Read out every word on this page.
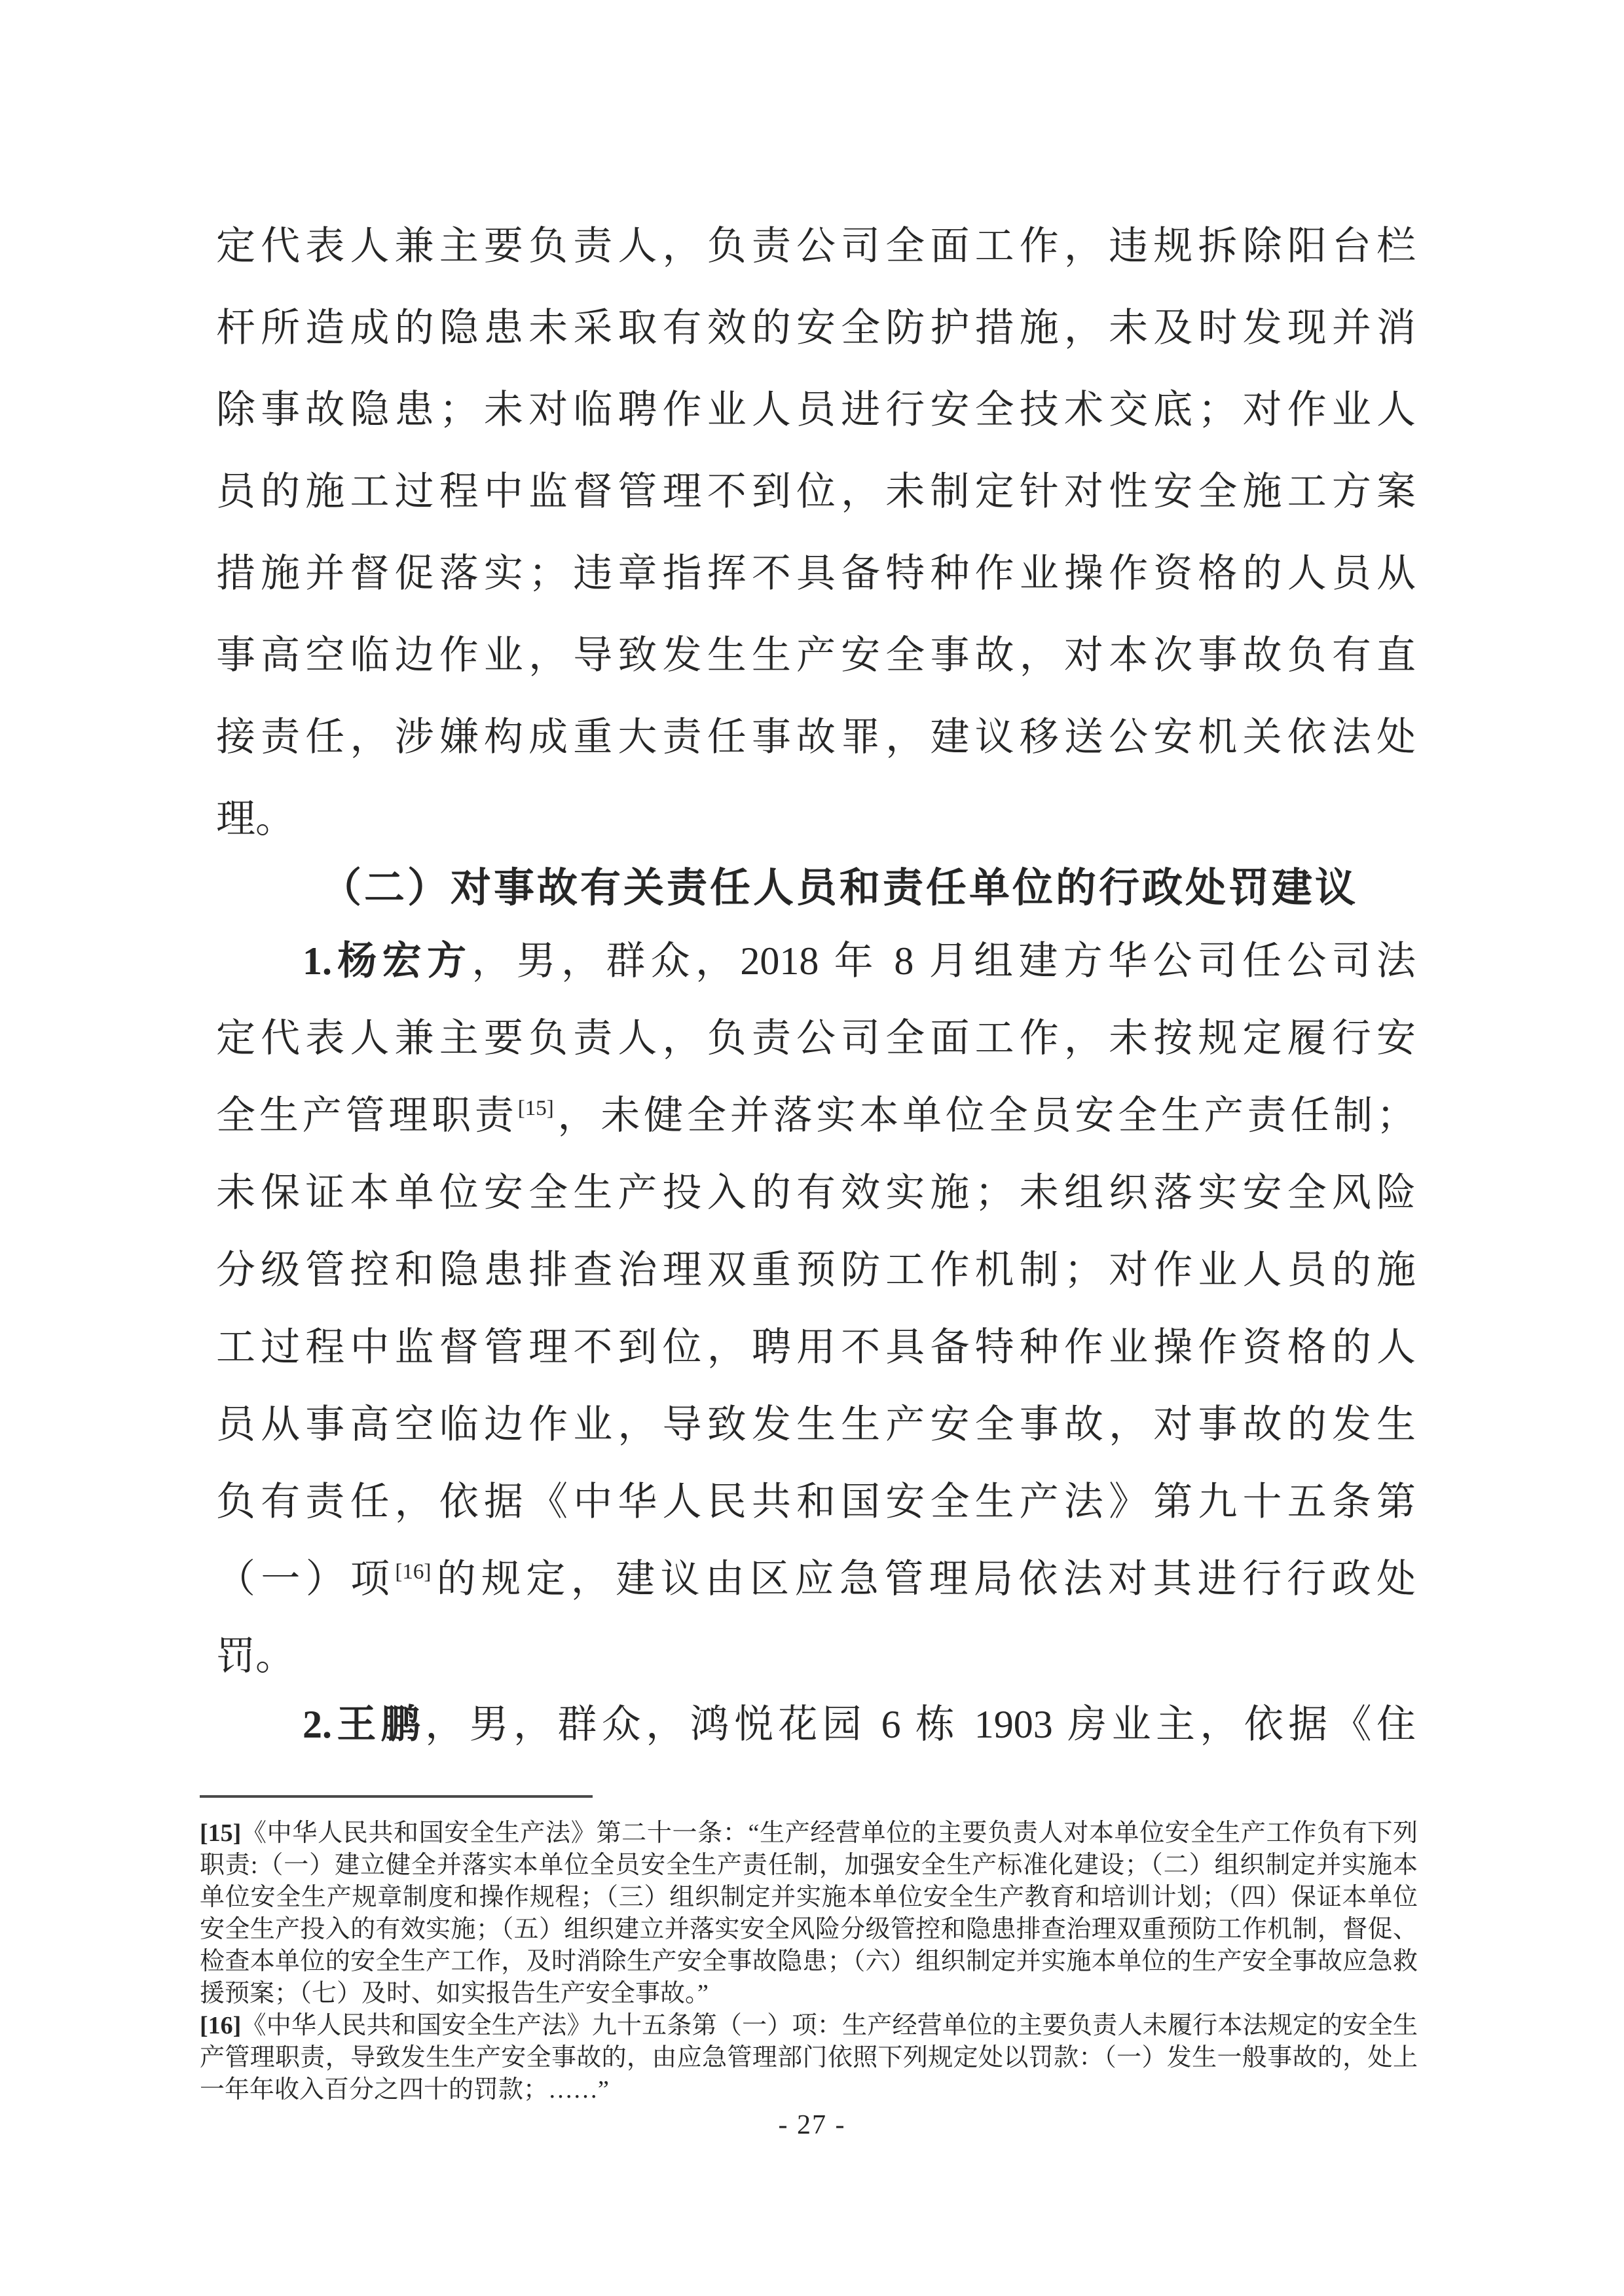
定代表人兼主要负责人，负责公司全面工作，违规拆除阳台栏
杆所造成的隐患未采取有效的安全防护措施，未及时发现并消
除事故隐患；未对临聘作业人员进行安全技术交底；对作业人
员的施工过程中监督管理不到位，未制定针对性安全施工方案
措施并督促落实；违章指挥不具备特种作业操作资格的人员从
事高空临边作业，导致发生生产安全事故，对本次事故负有直
接责任，涉嫌构成重大责任事故罪，建议移送公安机关依法处
理。
（二）对事故有关责任人员和责任单位的行政处罚建议
1.杨宏方，男，群众，2018 年 8 月组建方华公司任公司法
定代表人兼主要负责人，负责公司全面工作，未按规定履行安
全生产管理职责[15]，未健全并落实本单位全员安全生产责任制；
未保证本单位安全生产投入的有效实施；未组织落实安全风险
分级管控和隐患排查治理双重预防工作机制；对作业人员的施
工过程中监督管理不到位，聘用不具备特种作业操作资格的人
员从事高空临边作业，导致发生生产安全事故，对事故的发生
负有责任，依据《中华人民共和国安全生产法》第九十五条第
（一）项[16]的规定，建议由区应急管理局依法对其进行行政处
罚。
2.王鹏，男，群众，鸿悦花园 6 栋 1903 房业主，依据《住
[15]《中华人民共和国安全生产法》第二十一条：“生产经营单位的主要负责人对本单位安全生产工作负有下列
职责:（一）建立健全并落实本单位全员安全生产责任制，加强安全生产标准化建设；（二）组织制定并实施本
单位安全生产规章制度和操作规程；（三）组织制定并实施本单位安全生产教育和培训计划；（四）保证本单位
安全生产投入的有效实施；（五）组织建立并落实安全风险分级管控和隐患排查治理双重预防工作机制，督促、
检查本单位的安全生产工作，及时消除生产安全事故隐患；（六）组织制定并实施本单位的生产安全事故应急救
援预案；（七）及时、如实报告生产安全事故。”
[16]《中华人民共和国安全生产法》九十五条第（一）项：生产经营单位的主要负责人未履行本法规定的安全生
产管理职责，导致发生生产安全事故的，由应急管理部门依照下列规定处以罚款：（一）发生一般事故的，处上
一年年收入百分之四十的罚款；……”
- 27 -
